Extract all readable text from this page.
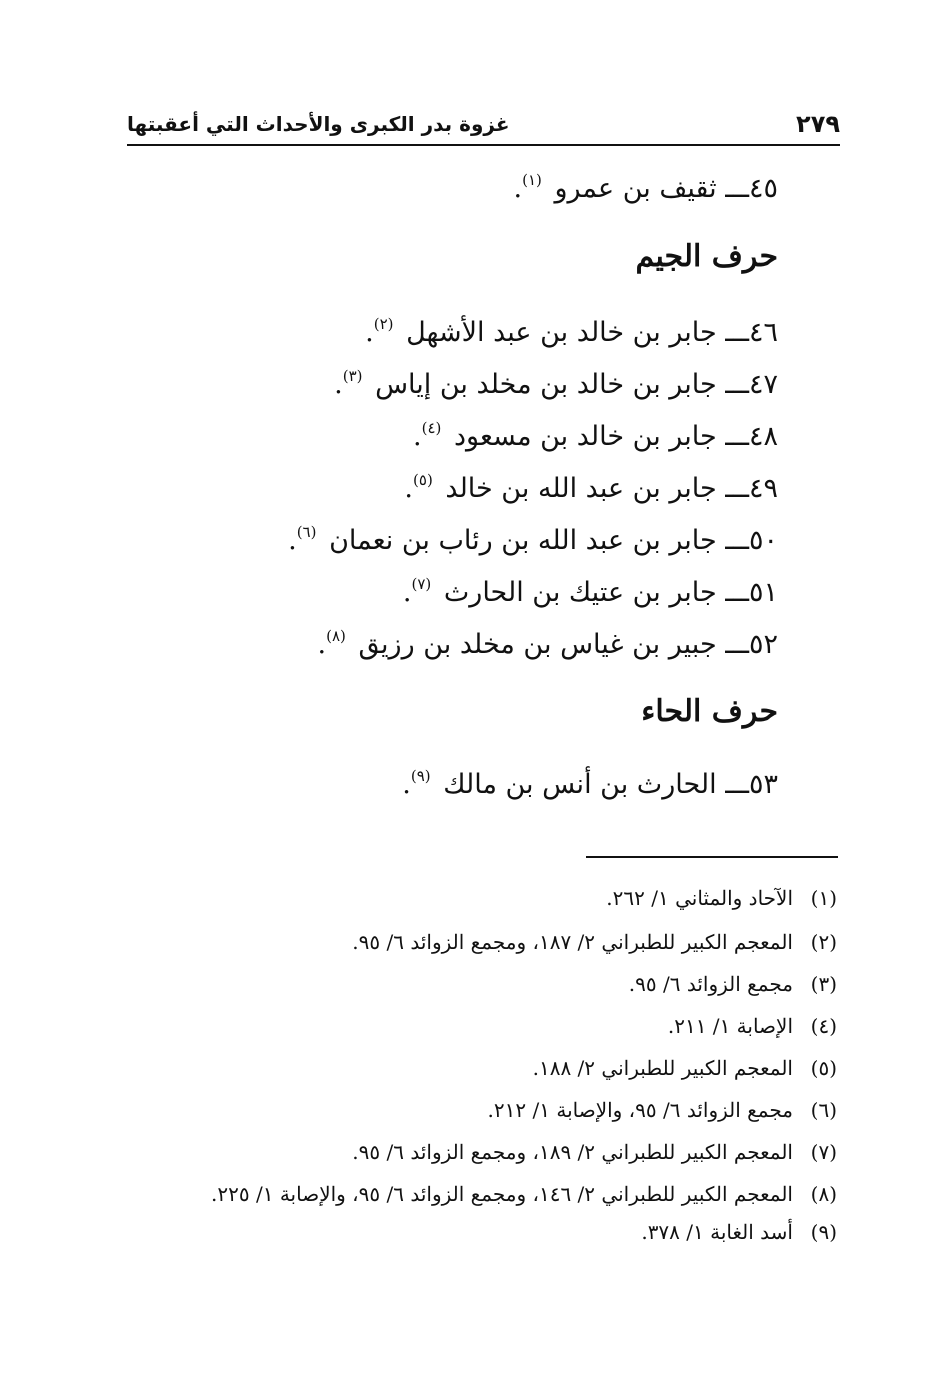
٢٧٩
غزوة بدر الكبرى والأحداث التي أعقبتها
٤٥ـــ ثقيف بن عمرو $^{(١)}$.
حرف الجيم
٤٦ـــ جابر بن خالد بن عبد الأشهل $^{(٢)}$.
٤٧ـــ جابر بن خالد بن مخلد بن إياس $^{(٣)}$.
٤٨ـــ جابر بن خالد بن مسعود $^{(٤)}$.
٤٩ـــ جابر بن عبد الله بن خالد $^{(٥)}$.
٥٠ـــ جابر بن عبد الله بن رئاب بن نعمان $^{(٦)}$.
٥١ـــ جابر بن عتيك بن الحارث $^{(٧)}$.
٥٢ـــ جبير بن غياس بن مخلد بن رزيق $^{(٨)}$.
حرف الحاء
٥٣ـــ الحارث بن أنس بن مالك $^{(٩)}$.
(١)الآحاد والمثاني ١/ ٢٦٢.
(٢)المعجم الكبير للطبراني ٢/ ١٨٧، ومجمع الزوائد ٦/ ٩٥.
(٣)مجمع الزوائد ٦/ ٩٥.
(٤)الإصابة ١/ ٢١١.
(٥)المعجم الكبير للطبراني ٢/ ١٨٨.
(٦)مجمع الزوائد ٦/ ٩٥، والإصابة ١/ ٢١٢.
(٧)المعجم الكبير للطبراني ٢/ ١٨٩، ومجمع الزوائد ٦/ ٩٥.
(٨)المعجم الكبير للطبراني ٢/ ١٤٦، ومجمع الزوائد ٦/ ٩٥، والإصابة ١/ ٢٢٥.
(٩)أسد الغابة ١/ ٣٧٨.
